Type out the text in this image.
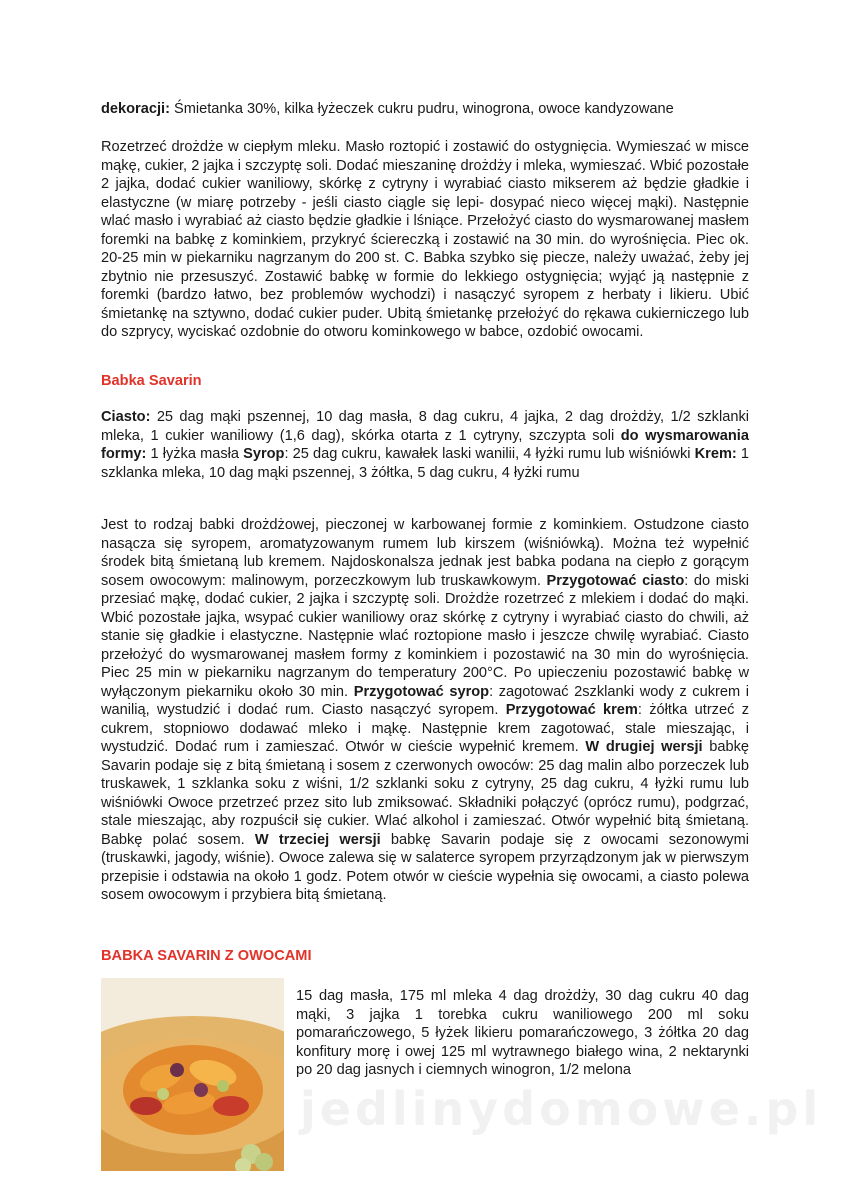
dekoracji: Śmietanka 30%, kilka łyżeczek cukru pudru, winogrona, owoce kandyzowane

Rozetrzeć drożdże w ciepłym mleku. Masło roztopić i zostawić do ostygnięcia. Wymieszać w misce mąkę, cukier, 2 jajka i szczyptę soli. Dodać mieszaninę drożdży i mleka, wymieszać. Wbić pozostałe 2 jajka, dodać cukier waniliowy, skórkę z cytryny i wyrabiać ciasto mikserem aż będzie gładkie i elastyczne (w miarę potrzeby - jeśli ciasto ciągle się lepi- dosypać nieco więcej mąki). Następnie wlać masło i wyrabiać aż ciasto będzie gładkie i lśniące. Przełożyć ciasto do wysmarowanej masłem foremki na babkę z kominkiem, przykryć ściereczką i zostawić na 30 min. do wyrośnięcia. Piec ok. 20-25 min w piekarniku nagrzanym do 200 st. C. Babka szybko się piecze, należy uważać, żeby jej zbytnio nie przesuszyć. Zostawić babkę w formie do lekkiego ostygnięcia; wyjąć ją następnie z foremki (bardzo łatwo, bez problemów wychodzi) i nasączyć syropem z herbaty i likieru. Ubić śmietankę na sztywno, dodać cukier puder. Ubitą śmietankę przełożyć do rękawa cukierniczego lub do szprycy, wyciskać ozdobnie do otworu kominkowego w babce, ozdobić owocami.

Babka Savarin

Ciasto: 25 dag mąki pszennej, 10 dag masła, 8 dag cukru, 4 jajka, 2 dag drożdży, 1/2 szklanki mleka, 1 cukier waniliowy (1,6 dag), skórka otarta z 1 cytryny, szczypta soli do wysmarowania formy: 1 łyżka masła Syrop: 25 dag cukru, kawałek laski wanilii, 4 łyżki rumu lub wiśniówki Krem: 1 szklanka mleka, 10 dag mąki pszennej, 3 żółtka, 5 dag cukru, 4 łyżki rumu

Jest to rodzaj babki drożdżowej, pieczonej w karbowanej formie z kominkiem. Ostudzone ciasto nasącza się syropem, aromatyzowanym rumem lub kirszem (wiśniówką). Można też wypełnić środek bitą śmietaną lub kremem. Najdoskonalsza jednak jest babka podana na ciepło z gorącym sosem owocowym: malinowym, porzeczkowym lub truskawkowym. Przygotować ciasto: do miski przesiać mąkę, dodać cukier, 2 jajka i szczyptę soli. Drożdże rozetrzeć z mlekiem i dodać do mąki. Wbić pozostałe jajka, wsypać cukier waniliowy oraz skórkę z cytryny i wyrabiać ciasto do chwili, aż stanie się gładkie i elastyczne. Następnie wlać roztopione masło i jeszcze chwilę wyrabiać. Ciasto przełożyć do wysmarowanej masłem formy z kominkiem i pozostawić na 30 min do wyrośnięcia. Piec 25 min w piekarniku nagrzanym do temperatury 200°C. Po upieczeniu pozostawić babkę w wyłączonym piekarniku około 30 min. Przygotować syrop: zagotować 2szklanki wody z cukrem i wanilią, wystudzić i dodać rum. Ciasto nasączyć syropem. Przygotować krem: żółtka utrzeć z cukrem, stopniowo dodawać mleko i mąkę. Następnie krem zagotować, stale mieszając, i wystudzić. Dodać rum i zamieszać. Otwór w cieście wypełnić kremem. W drugiej wersji babkę Savarin podaje się z bitą śmietaną i sosem z czerwonych owoców: 25 dag malin albo porzeczek lub truskawek, 1 szklanka soku z wiśni, 1/2 szklanki soku z cytryny, 25 dag cukru, 4 łyżki rumu lub wiśniówki Owoce przetrzeć przez sito lub zmiksować. Składniki połączyć (oprócz rumu), podgrzać, stale mieszając, aby rozpuścił się cukier. Wlać alkohol i zamieszać. Otwór wypełnić bitą śmietaną. Babkę polać sosem. W trzeciej wersji babkę Savarin podaje się z owocami sezonowymi (truskawki, jagody, wiśnie). Owoce zalewa się w salaterce syropem przyrządzonym jak w pierwszym przepisie i odstawia na około 1 godz. Potem otwór w cieście wypełnia się owocami, a ciasto polewa sosem owocowym i przybiera bitą śmietaną.

BABKA SAVARIN Z OWOCAMI

15 dag masła, 175 ml mleka 4 dag drożdży, 30 dag cukru 40 dag mąki, 3 jajka 1 torebka cukru waniliowego 200 ml soku pomarańczowego, 5 łyżek likieru pomarańczowego, 3 żółtka 20 dag konfitury morę i owej 125 ml wytrawnego białego wina, 2 nektarynki po 20 dag jasnych i ciemnych winogron, 1/2 melona

jedlinydomowe.pl
